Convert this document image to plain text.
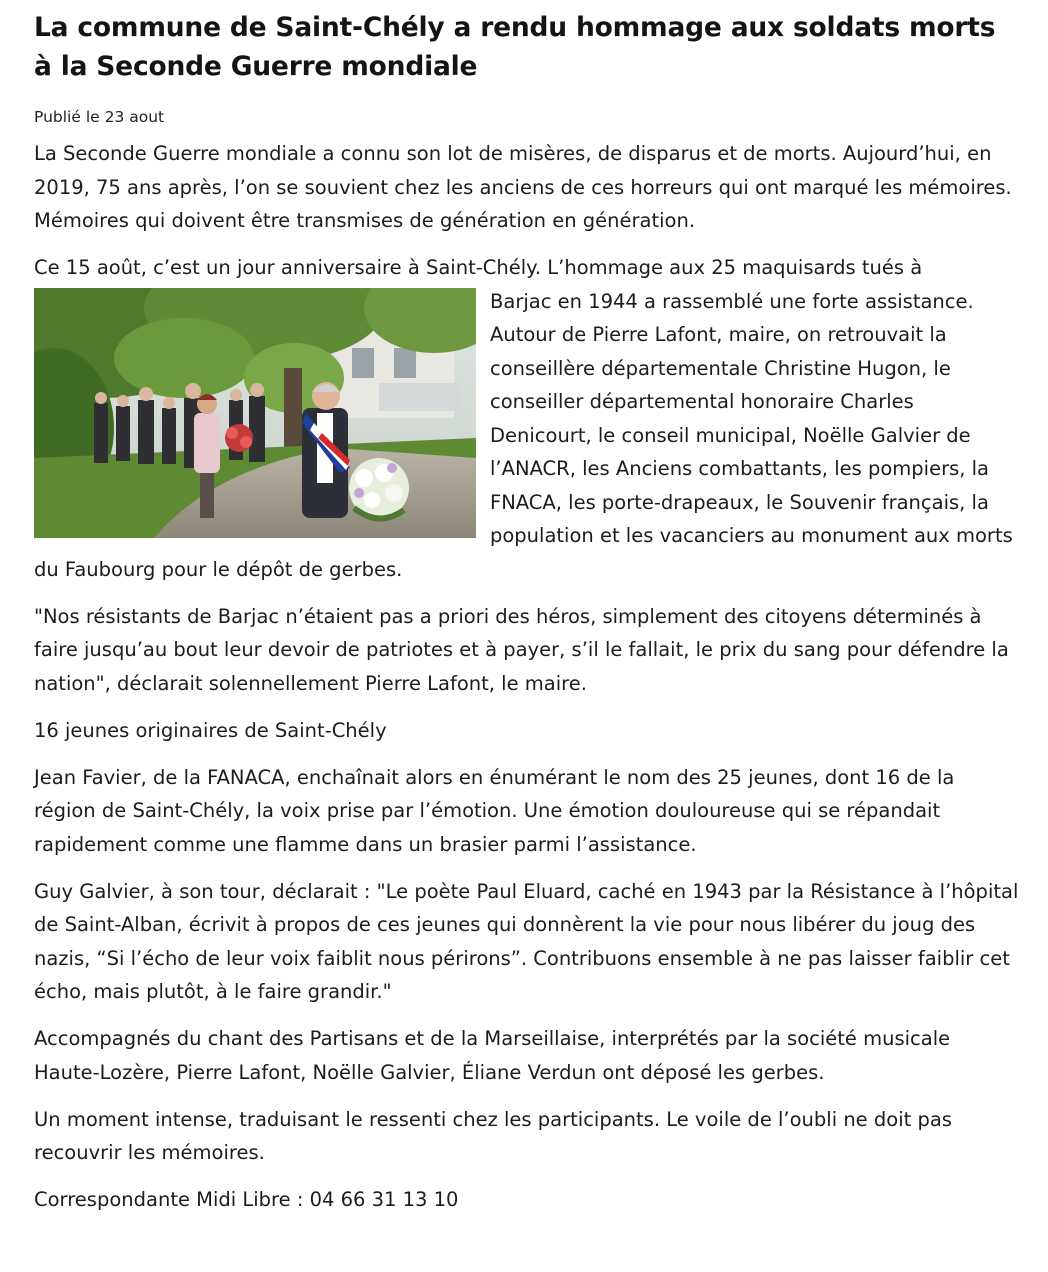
La commune de Saint-Chély a rendu hommage aux soldats morts à la Seconde Guerre mondiale
Publié le 23 aout

La Seconde Guerre mondiale a connu son lot de misères, de disparus et de morts. Aujourd’hui, en 2019, 75 ans après, l’on se souvient chez les anciens de ces horreurs qui ont marqué les mémoires. Mémoires qui doivent être transmises de génération en génération.

Ce 15 août, c’est un jour anniversaire à Saint-Chély. L’hommage aux 25 maquisards tués à

Barjac en 1944 a rassemblé une forte assistance. Autour de Pierre Lafont, maire, on retrouvait la conseillère départementale Christine Hugon, le conseiller départemental honoraire Charles Denicourt, le conseil municipal, Noëlle Galvier de l’ANACR, les Anciens combattants, les pompiers, la FNACA, les porte-drapeaux, le Souvenir français, la population et les vacanciers au monument aux morts du Faubourg pour le dépôt de gerbes.

"Nos résistants de Barjac n’étaient pas a priori des héros, simplement des citoyens déterminés à faire jusqu’au bout leur devoir de patriotes et à payer, s’il le fallait, le prix du sang pour défendre la nation", déclarait solennellement Pierre Lafont, le maire.

16 jeunes originaires de Saint-Chély

Jean Favier, de la FANACA, enchaînait alors en énumérant le nom des 25 jeunes, dont 16 de la région de Saint-Chély, la voix prise par l’émotion. Une émotion douloureuse qui se répandait rapidement comme une flamme dans un brasier parmi l’assistance.

Guy Galvier, à son tour, déclarait : "Le poète Paul Eluard, caché en 1943 par la Résistance à l’hôpital de Saint-Alban, écrivit à propos de ces jeunes qui donnèrent la vie pour nous libérer du joug des nazis, “Si l’écho de leur voix faiblit nous périrons”. Contribuons ensemble à ne pas laisser faiblir cet écho, mais plutôt, à le faire grandir."

Accompagnés du chant des Partisans et de la Marseillaise, interprétés par la société musicale Haute-Lozère, Pierre Lafont, Noëlle Galvier, Éliane Verdun ont déposé les gerbes.

Un moment intense, traduisant le ressenti chez les participants. Le voile de l’oubli ne doit pas recouvrir les mémoires.

Correspondante Midi Libre : 04 66 31 13 10
